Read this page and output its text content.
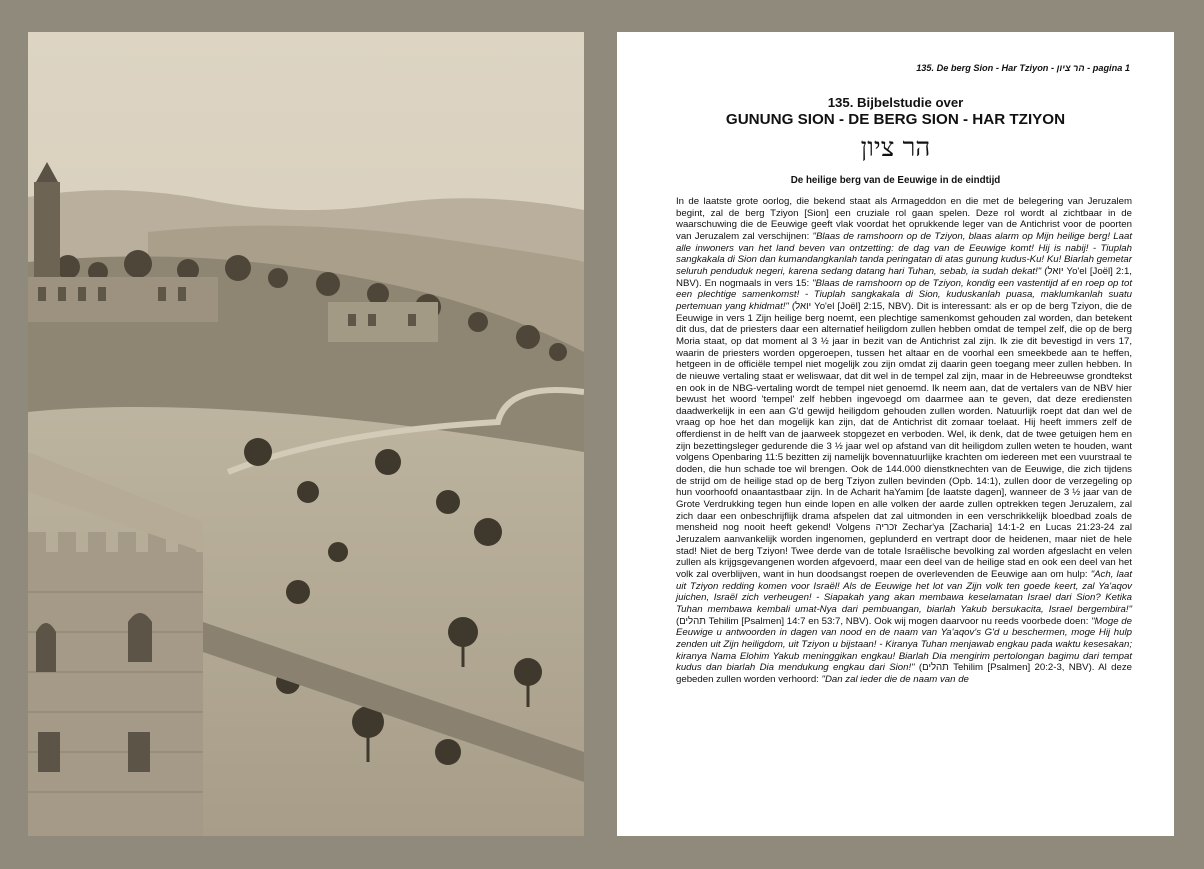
135. De berg Sion - Har Tziyon - הר ציון - pagina 1
135. Bijbelstudie over
GUNUNG SION - DE BERG SION - HAR TZIYON
הר ציון
De heilige berg van de Eeuwige in de eindtijd

In de laatste grote oorlog, die bekend staat als Armageddon en die met de belegering van Jeruzalem begint, zal de berg Tziyon [Sion] een cruziale rol gaan spelen. Deze rol wordt al zichtbaar in de waarschuwing die de Eeuwige geeft vlak voordat het oprukkende leger van de Antichrist voor de poorten van Jeruzalem zal verschijnen: "Blaas de ramshoorn op de Tziyon, blaas alarm op Mijn heilige berg! Laat alle inwoners van het land beven van ontzetting: de dag van de Eeuwige komt! Hij is nabij! - Tiuplah sangkakala di Sion dan kumandangkanlah tanda peringatan di atas gunung kudus-Ku! Ku! Biarlah gemetar seluruh penduduk negeri, karena sedang datang hari Tuhan, sebab, ia sudah dekat!" (יואל Yo'el [Joël] 2:1, NBV). En nogmaals in vers 15: "Blaas de ramshoorn op de Tziyon, kondig een vastentijd af en roep op tot een plechtige samenkomst! - Tiuplah sangkakala di Sion, kuduskanlah puasa, maklumkanlah suatu pertemuan yang khidmat!" (יואל Yo'el [Joël] 2:15, NBV). Dit is interessant: als er op de berg Tziyon, die de Eeuwige in vers 1 Zijn heilige berg noemt, een plechtige samenkomst gehouden zal worden, dan betekent dit dus, dat de priesters daar een alternatief heiligdom zullen hebben omdat de tempel zelf, die op de berg Moria staat, op dat moment al 3 ½ jaar in bezit van de Antichrist zal zijn. Ik zie dit bevestigd in vers 17, waarin de priesters worden opgeroepen, tussen het altaar en de voorhal een smeekbede aan te heffen, hetgeen in de officiële tempel niet mogelijk zou zijn omdat zij daarin geen toegang meer zullen hebben. In de nieuwe vertaling staat er weliswaar, dat dit wel in de tempel zal zijn, maar in de Hebreeuwse grondtekst en ook in de NBG-vertaling wordt de tempel niet genoemd. Ik neem aan, dat de vertalers van de NBV hier bewust het woord 'tempel' zelf hebben ingevoegd om daarmee aan te geven, dat deze erediensten daadwerkelijk in een aan G'd gewijd heiligdom gehouden zullen worden. Natuurlijk roept dat dan wel de vraag op hoe het dan mogelijk kan zijn, dat de Antichrist dit zomaar toelaat. Hij heeft immers zelf de offerdienst in de helft van de jaarweek stopgezet en verboden. Wel, ik denk, dat de twee getuigen hem en zijn bezettingsleger gedurende die 3 ½ jaar wel op afstand van dit heiligdom zullen weten te houden, want volgens Openbaring 11:5 bezitten zij namelijk bovennatuurlijke krachten om iedereen met een vuurstraal te doden, die hun schade toe wil brengen. Ook de 144.000 dienstknechten van de Eeuwige, die zich tijdens de strijd om de heilige stad op de berg Tziyon zullen bevinden (Opb. 14:1), zullen door de verzegeling op hun voorhoofd onaantastbaar zijn. In de Acharit haYamim [de laatste dagen], wanneer de 3 ½ jaar van de Grote Verdrukking tegen hun einde lopen en alle volken der aarde zullen optrekken tegen Jeruzalem, zal zich daar een onbeschrijflijk drama afspelen dat zal uitmonden in een verschrikkelijk bloedbad zoals de mensheid nog nooit heeft gekend! Volgens זכריה Zechar'ya [Zacharia] 14:1-2 en Lucas 21:23-24 zal Jeruzalem aanvankelijk worden ingenomen, geplunderd en vertrapt door de heidenen, maar niet de hele stad! Niet de berg Tziyon! Twee derde van de totale Israëlische bevolking zal worden afgeslacht en velen zullen als krijgsgevangenen worden afgevoerd, maar een deel van de heilige stad en ook een deel van het volk zal overblijven, want in hun doodsangst roepen de overlevenden de Eeuwige aan om hulp: "Ach, laat uit Tziyon redding komen voor Israël! Als de Eeuwige het lot van Zijn volk ten goede keert, zal Ya'aqov juichen, Israël zich verheugen! - Siapakah yang akan membawa keselamatan Israel dari Sion? Ketika Tuhan membawa kembali umat-Nya dari pembuangan, biarlah Yakub bersukacita, Israel bergembira!" (תהלים Tehilim [Psalmen] 14:7 en 53:7, NBV). Ook wij mogen daarvoor nu reeds voorbede doen: "Moge de Eeuwige u antwoorden in dagen van nood en de naam van Ya'aqov's G'd u beschermen, moge Hij hulp zenden uit Zijn heiligdom, uit Tziyon u bijstaan! - Kiranya Tuhan menjawab engkau pada waktu kesesakan; kiranya Nama Elohim Yakub meninggikan engkau! Biarlah Dia mengirim pertolongan bagimu dari tempat kudus dan biarlah Dia mendukung engkau dari Sion!" (תהלים Tehilim [Psalmen] 20:2-3, NBV). Al deze gebeden zullen worden verhoord: "Dan zal ieder die de naam van de
